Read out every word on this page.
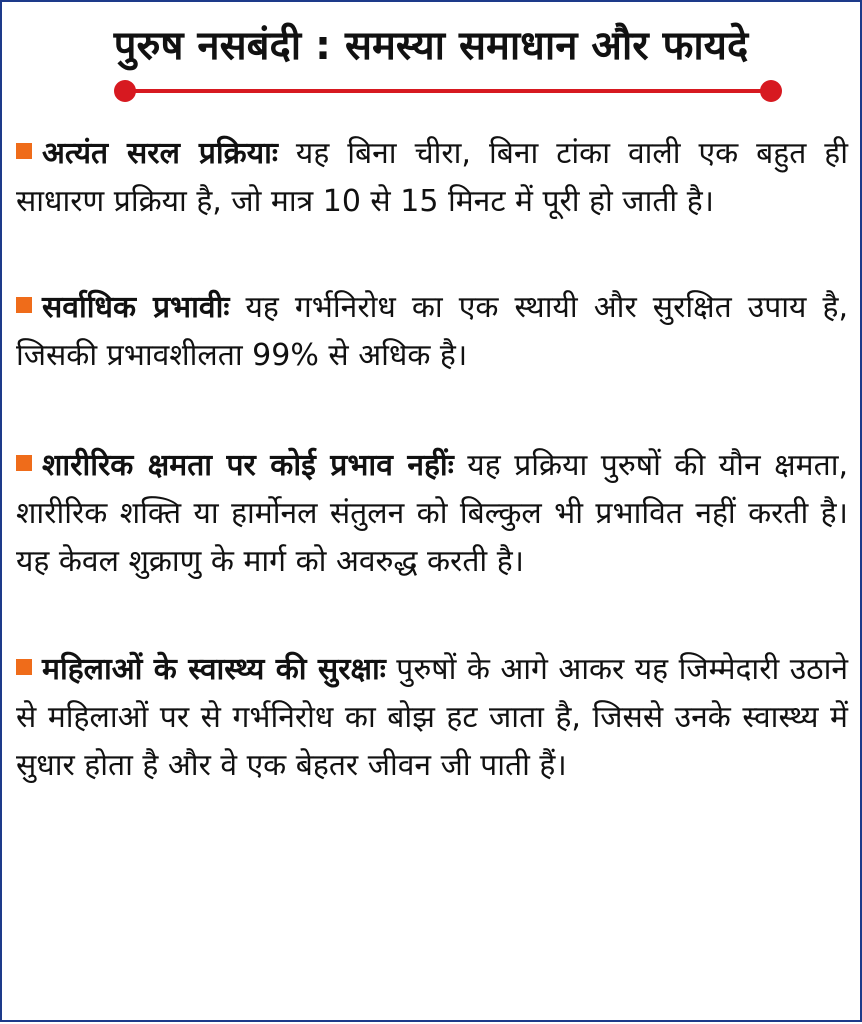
पुरुष नसबंदी : समस्या समाधान और फायदे

अत्यंत सरल प्रक्रियाः यह बिना चीरा, बिना टांका वाली एक बहुत ही साधारण प्रक्रिया है, जो मात्र 10 से 15 मिनट में पूरी हो जाती है।

सर्वाधिक प्रभावीः यह गर्भनिरोध का एक स्थायी और सुरक्षित उपाय है, जिसकी प्रभावशीलता 99% से अधिक है।

शारीरिक क्षमता पर कोई प्रभाव नहींः यह प्रक्रिया पुरुषों की यौन क्षमता, शारीरिक शक्ति या हार्मोनल संतुलन को बिल्कुल भी प्रभावित नहीं करती है। यह केवल शुक्राणु के मार्ग को अवरुद्ध करती है।

महिलाओं के स्वास्थ्य की सुरक्षाः पुरुषों के आगे आकर यह जिम्मेदारी उठाने से महिलाओं पर से गर्भनिरोध का बोझ हट जाता है, जिससे उनके स्वास्थ्य में सुधार होता है और वे एक बेहतर जीवन जी पाती हैं।
